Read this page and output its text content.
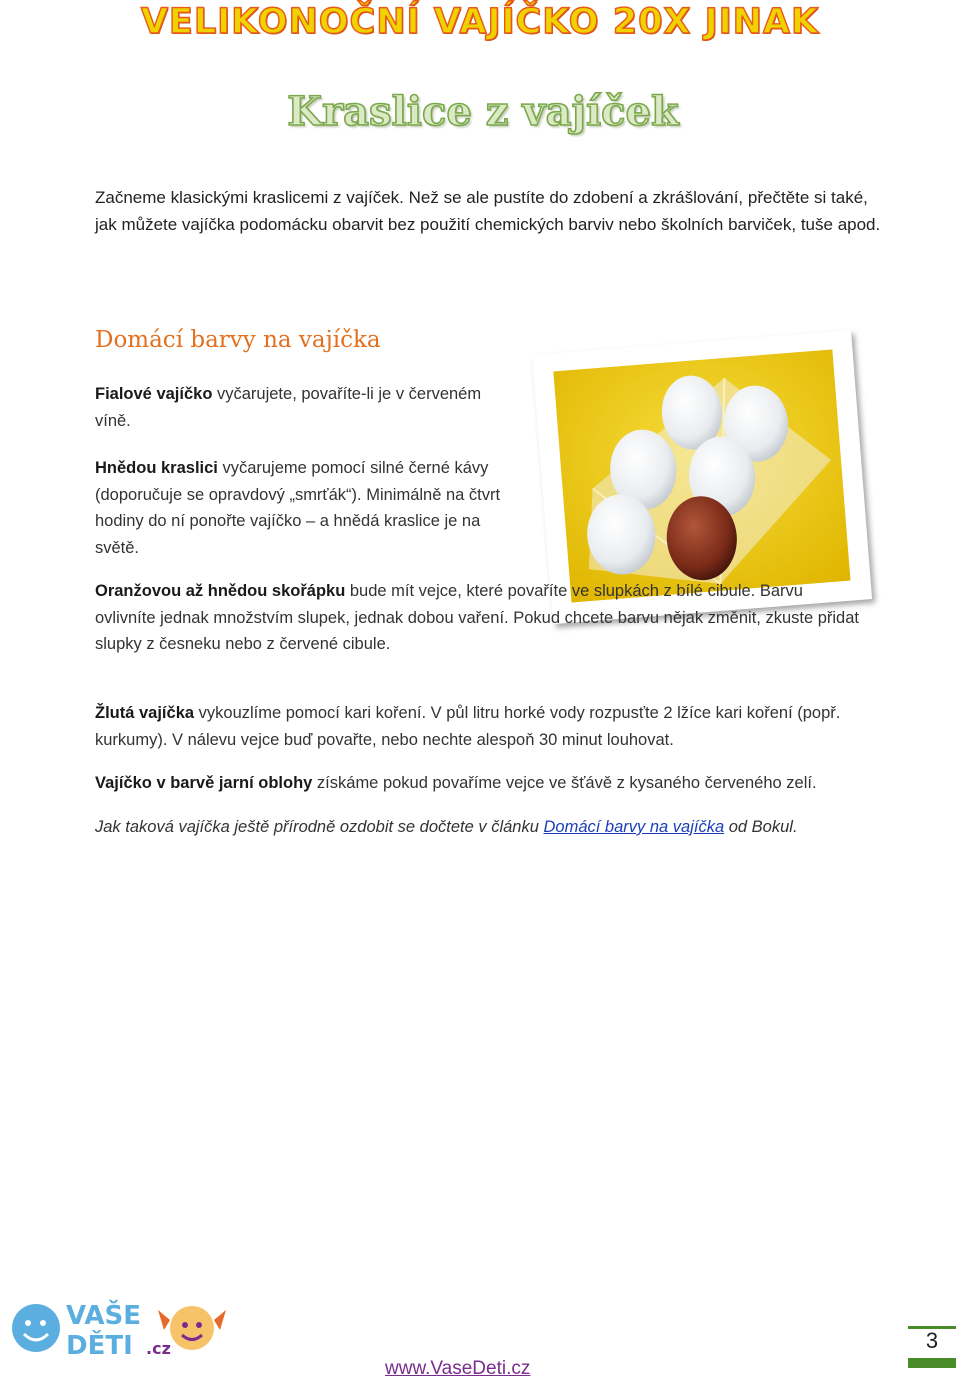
VELIKONOČNÍ VAJÍČKO 20X JINAK
Kraslice z vajíček
Začneme klasickými kraslicemi z vajíček. Než se ale pustíte do zdobení a zkrášlování, přečtěte si také, jak můžete vajíčka podomácku obarvit bez použití chemických barviv nebo školních barviček, tuše apod.
Domácí barvy na vajíčka
Fialové vajíčko vyčarujete, povaříte-li je v červeném víně.
Hnědou kraslici vyčarujeme pomocí silné černé kávy (doporučuje se opravdový „smrťák“). Minimálně na čtvrt hodiny do ní ponořte vajíčko – a hnědá kraslice je na světě.
Oranžovou až hnědou skořápku bude mít vejce, které povaříte ve slupkách z bílé cibule. Barvu ovlivníte jednak množstvím slupek, jednak dobou vaření. Pokud chcete barvu nějak změnit, zkuste přidat slupky z česneku nebo z červené cibule.
Žlutá vajíčka vykouzlíme pomocí kari koření. V půl litru horké vody rozpusťte 2 lžíce kari koření (popř. kurkumy). V nálevu vejce buď povařte, nebo nechte alespoň 30 minut louhovat.
Vajíčko v barvě jarní oblohy získáme pokud povaříme vejce ve šťávě z kysaného červeného zelí.
Jak taková vajíčka ještě přírodně ozdobit se dočtete v článku Domácí barvy na vajíčka od Bokul.
VAŠE
DĚTI .cz
www.VaseDeti.cz
3
